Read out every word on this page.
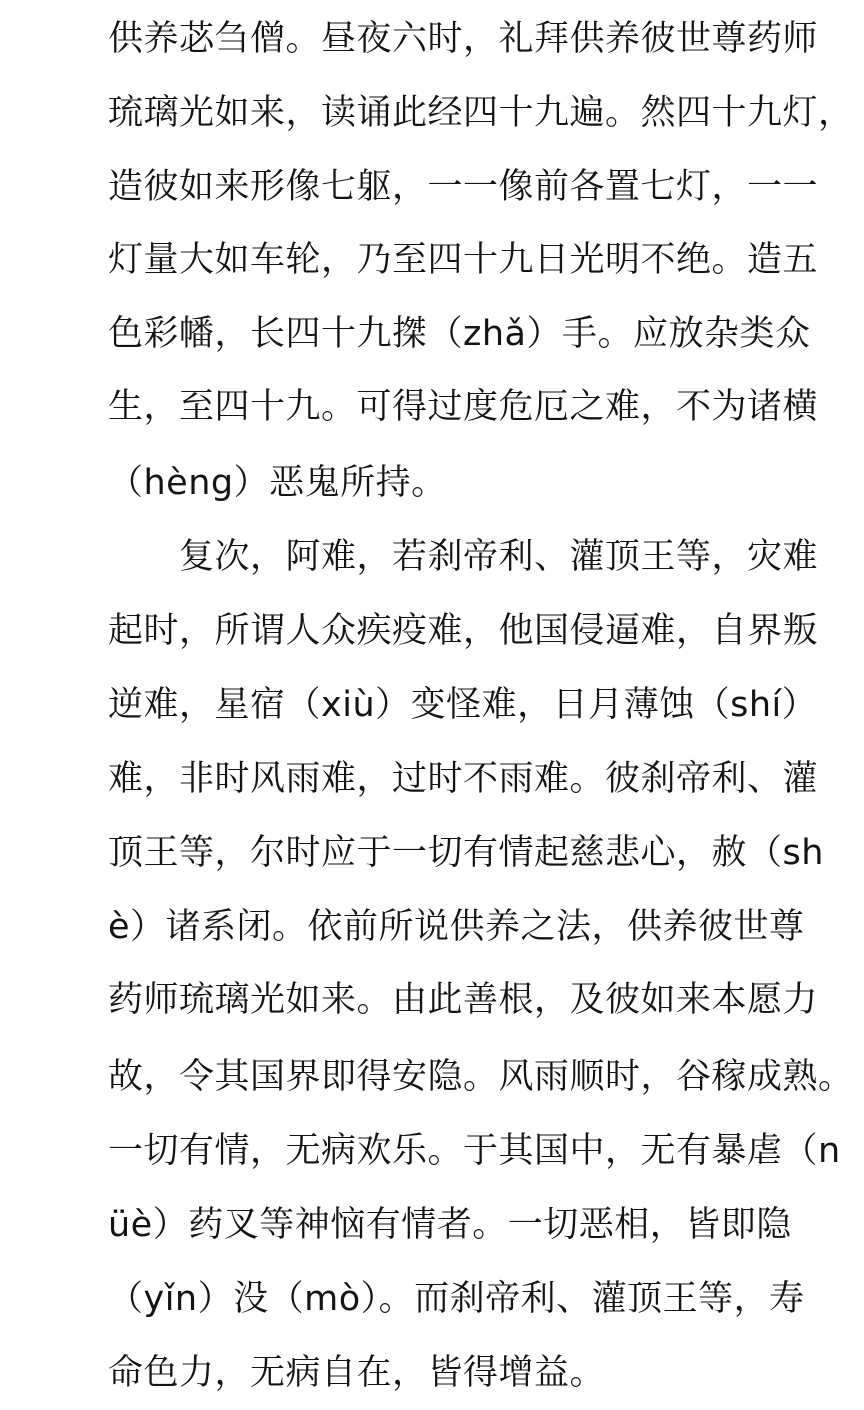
供养苾刍僧。昼夜六时，礼拜供养彼世尊药师
琉璃光如来，读诵此经四十九遍。然四十九灯，
造彼如来形像七躯，一一像前各置七灯，一一
灯量大如车轮，乃至四十九日光明不绝。造五
色彩幡，长四十九搩（zhǎ）手。应放杂类众
生，至四十九。可得过度危厄之难，不为诸横
（hèng）恶鬼所持。
　　复次，阿难，若刹帝利、灌顶王等，灾难
起时，所谓人众疾疫难，他国侵逼难，自界叛
逆难，星宿（xiù）变怪难，日月薄蚀（shí）
难，非时风雨难，过时不雨难。彼刹帝利、灌
顶王等，尔时应于一切有情起慈悲心，赦（sh
è）诸系闭。依前所说供养之法，供养彼世尊
药师琉璃光如来。由此善根，及彼如来本愿力
故，令其国界即得安隐。风雨顺时，谷稼成熟。
一切有情，无病欢乐。于其国中，无有暴虐（n
üè）药叉等神恼有情者。一切恶相，皆即隐
（yǐn）没（mò）。而刹帝利、灌顶王等，寿
命色力，无病自在，皆得增益。
